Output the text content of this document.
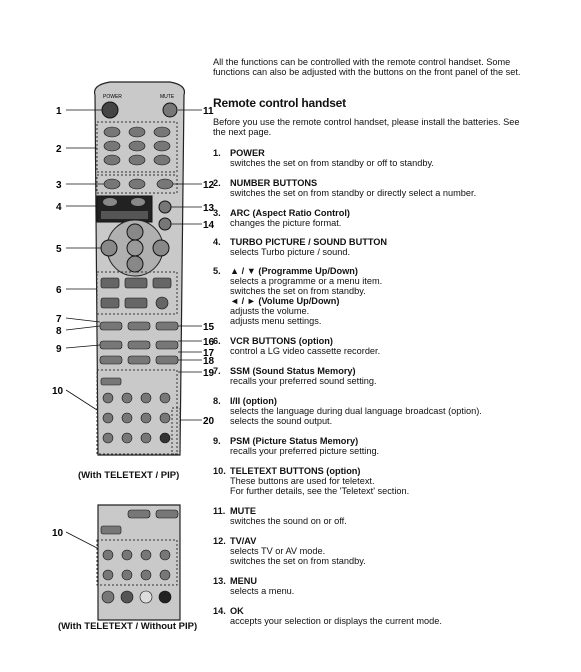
POWER	MUTE
1
2
3
4
5
6
7
8
9
10
11
12
13
14
15
16
17
18
19
20
10
(With TELETEXT / PIP)
(With TELETEXT / Without PIP)
All the functions can be controlled with the remote control handset. Some functions can also be adjusted with the buttons on the front panel of the set.
Remote control handset
Before you use the remote control handset, please install the batteries. See the next page.
1. POWER
switches the set on from standby or off to standby.
2. NUMBER BUTTONS
switches the set on from standby or directly select a number.
3. ARC (Aspect Ratio Control)
changes the picture format.
4. TURBO PICTURE / SOUND BUTTON
selects Turbo picture / sound.
5. ▲ / ▼ (Programme Up/Down)
selects a programme or a menu item.
switches the set on from standby.
◄ / ► (Volume Up/Down)
adjusts the volume.
adjusts menu settings.
6. VCR BUTTONS (option)
control a LG video cassette recorder.
7. SSM (Sound Status Memory)
recalls your preferred sound setting.
8. I/II (option)
selects the language during dual language broadcast (option).
selects the sound output.
9. PSM (Picture Status Memory)
recalls your preferred picture setting.
10. TELETEXT BUTTONS (option)
These buttons are used for teletext.
For further details, see the 'Teletext' section.
11. MUTE
switches the sound on or off.
12. TV/AV
selects TV or AV mode.
switches the set on from standby.
13. MENU
selects a menu.
14. OK
accepts your selection or displays the current mode.
